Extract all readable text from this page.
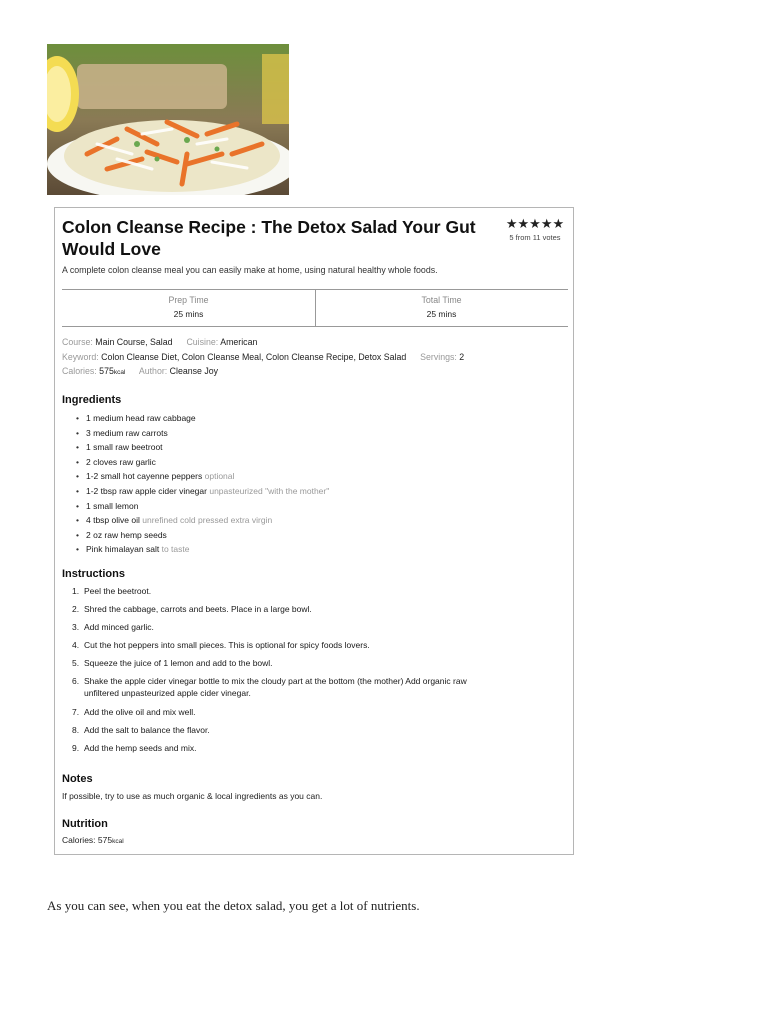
Colon Cleanse Recipe : The Detox Salad Your Gut Would Love
★★★★★
5 from 11 votes

A complete colon cleanse meal you can easily make at home, using natural healthy whole foods.

Prep Time
25 mins
Total Time
25 mins
Course: Main Course, Salad Cuisine: American
Keyword: Colon Cleanse Diet, Colon Cleanse Meal, Colon Cleanse Recipe, Detox Salad Servings: 2
Calories: 575kcal Author: Cleanse Joy
Ingredients
• 1 medium head raw cabbage
• 3 medium raw carrots
• 1 small raw beetroot
• 2 cloves raw garlic
• 1-2 small hot cayenne peppers optional
• 1-2 tbsp raw apple cider vinegar unpasteurized "with the mother"
• 1 small lemon
• 4 tbsp olive oil unrefined cold pressed extra virgin
• 2 oz raw hemp seeds
• Pink himalayan salt to taste
Instructions
1. Peel the beetroot.
2. Shred the cabbage, carrots and beets. Place in a large bowl.
3. Add minced garlic.
4. Cut the hot peppers into small pieces. This is optional for spicy foods lovers.
5. Squeeze the juice of 1 lemon and add to the bowl.
6. Shake the apple cider vinegar bottle to mix the cloudy part at the bottom (the mother) Add organic raw
unfiltered unpasteurized apple cider vinegar.
7. Add the olive oil and mix well.
8. Add the salt to balance the flavor.
9. Add the hemp seeds and mix.
Notes

If possible, try to use as much organic & local ingredients as you can.

Nutrition

Calories: 575kcal

As you can see, when you eat the detox salad, you get a lot of nutrients.
